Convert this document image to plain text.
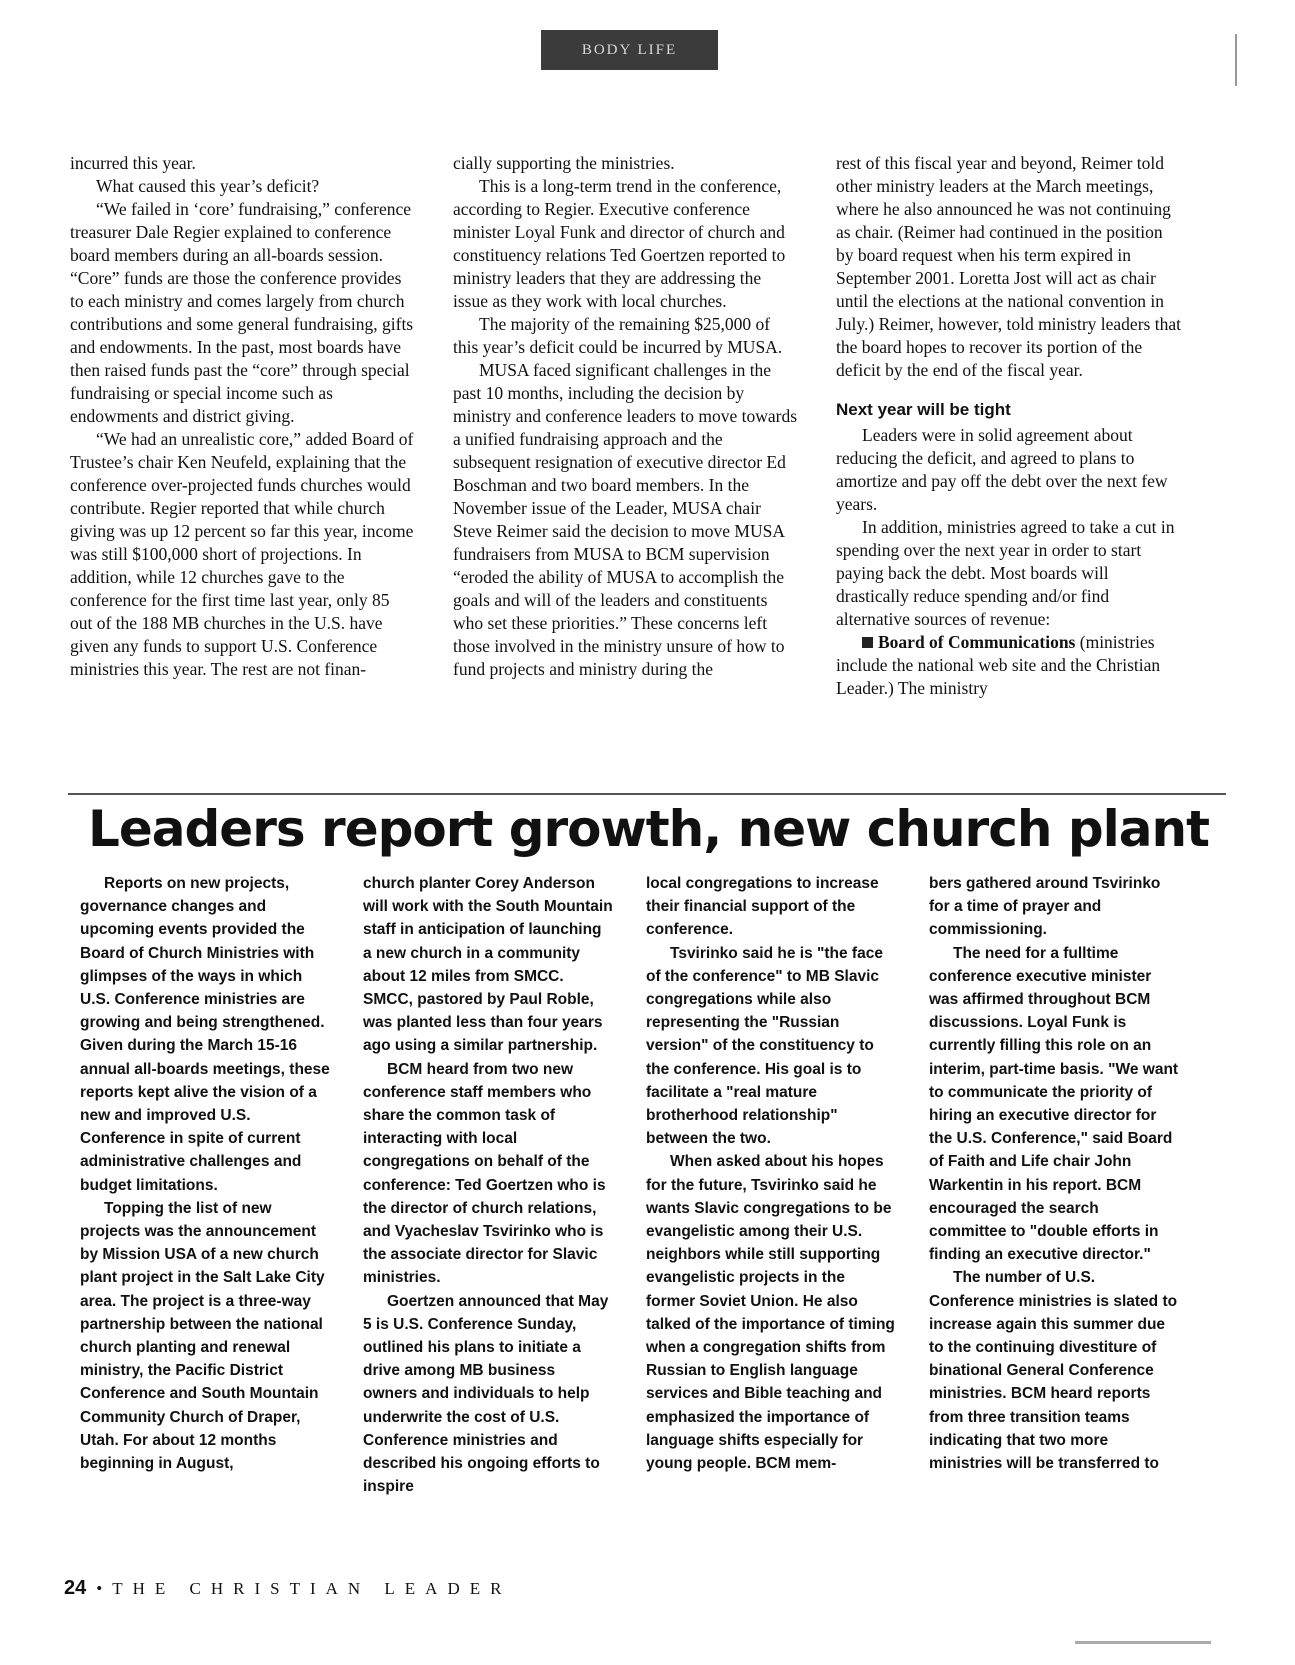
BODY LIFE

incurred this year.

What caused this year’s deficit?

“We failed in ‘core’ fundraising,” conference treasurer Dale Regier explained to conference board members during an all-boards session. “Core” funds are those the conference provides to each ministry and comes largely from church contributions and some general fundraising, gifts and endowments. In the past, most boards have then raised funds past the “core” through special fundraising or special income such as endowments and district giving.

“We had an unrealistic core,” added Board of Trustee’s chair Ken Neufeld, explaining that the conference over-projected funds churches would contribute. Regier reported that while church giving was up 12 percent so far this year, income was still $100,000 short of projections. In addition, while 12 churches gave to the conference for the first time last year, only 85 out of the 188 MB churches in the U.S. have given any funds to support U.S. Conference ministries this year. The rest are not finan-

cially supporting the ministries.

This is a long-term trend in the conference, according to Regier. Executive conference minister Loyal Funk and director of church and constituency relations Ted Goertzen reported to ministry leaders that they are addressing the issue as they work with local churches.

The majority of the remaining $25,000 of this year’s deficit could be incurred by MUSA.

MUSA faced significant challenges in the past 10 months, including the decision by ministry and conference leaders to move towards a unified fundraising approach and the subsequent resignation of executive director Ed Boschman and two board members. In the November issue of the Leader, MUSA chair Steve Reimer said the decision to move MUSA fundraisers from MUSA to BCM supervision “eroded the ability of MUSA to accomplish the goals and will of the leaders and constituents who set these priorities.” These concerns left those involved in the ministry unsure of how to fund projects and ministry during the

rest of this fiscal year and beyond, Reimer told other ministry leaders at the March meetings, where he also announced he was not continuing as chair. (Reimer had continued in the position by board request when his term expired in September 2001. Loretta Jost will act as chair until the elections at the national convention in July.) Reimer, however, told ministry leaders that the board hopes to recover its portion of the deficit by the end of the fiscal year.

Next year will be tight

Leaders were in solid agreement about reducing the deficit, and agreed to plans to amortize and pay off the debt over the next few years.

In addition, ministries agreed to take a cut in spending over the next year in order to start paying back the debt. Most boards will drastically reduce spending and/or find alternative sources of revenue:

Board of Communications (ministries include the national web site and the Christian Leader.) The ministry

Leaders report growth, new church plant

Reports on new projects, governance changes and upcoming events provided the Board of Church Ministries with glimpses of the ways in which U.S. Conference ministries are growing and being strengthened. Given during the March 15-16 annual all-boards meetings, these reports kept alive the vision of a new and improved U.S. Conference in spite of current administrative challenges and budget limitations.

Topping the list of new projects was the announcement by Mission USA of a new church plant project in the Salt Lake City area. The project is a three-way partnership between the national church planting and renewal ministry, the Pacific District Conference and South Mountain Community Church of Draper, Utah. For about 12 months beginning in August,

church planter Corey Anderson will work with the South Mountain staff in anticipation of launching a new church in a community about 12 miles from SMCC. SMCC, pastored by Paul Roble, was planted less than four years ago using a similar partnership.

BCM heard from two new conference staff members who share the common task of interacting with local congregations on behalf of the conference: Ted Goertzen who is the director of church relations, and Vyacheslav Tsvirinko who is the associate director for Slavic ministries.

Goertzen announced that May 5 is U.S. Conference Sunday, outlined his plans to initiate a drive among MB business owners and individuals to help underwrite the cost of U.S. Conference ministries and described his ongoing efforts to inspire

local congregations to increase their financial support of the conference.

Tsvirinko said he is "the face of the conference" to MB Slavic congregations while also representing the "Russian version" of the constituency to the conference. His goal is to facilitate a "real mature brotherhood relationship" between the two.

When asked about his hopes for the future, Tsvirinko said he wants Slavic congregations to be evangelistic among their U.S. neighbors while still supporting evangelistic projects in the former Soviet Union. He also talked of the importance of timing when a congregation shifts from Russian to English language services and Bible teaching and emphasized the importance of language shifts especially for young people. BCM mem-

bers gathered around Tsvirinko for a time of prayer and commissioning.

The need for a fulltime conference executive minister was affirmed throughout BCM discussions. Loyal Funk is currently filling this role on an interim, part-time basis. "We want to communicate the priority of hiring an executive director for the U.S. Conference," said Board of Faith and Life chair John Warkentin in his report. BCM encouraged the search committee to "double efforts in finding an executive director."

The number of U.S. Conference ministries is slated to increase again this summer due to the continuing divestiture of binational General Conference ministries. BCM heard reports from three transition teams indicating that two more ministries will be transferred to

24 • THE CHRISTIAN LEADER
